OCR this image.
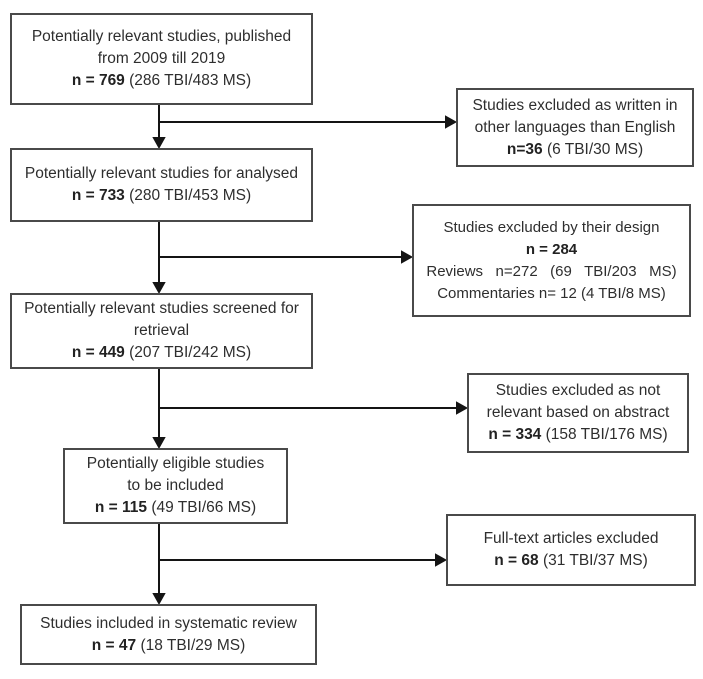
Potentially relevant studies, published
from 2009 till 2019
n = 769 (286 TBI/483 MS)
Studies excluded as written in
other languages than English
n=36 (6 TBI/30 MS)
Potentially relevant studies for analysed
n = 733 (280 TBI/453 MS)
Studies excluded by their design
n = 284
Reviews   n=272   (69   TBI/203   MS)
Commentaries n= 12 (4 TBI/8 MS)
Potentially relevant studies screened for
retrieval
n = 449 (207 TBI/242 MS)
Studies excluded as not
relevant based on abstract
n = 334 (158 TBI/176 MS)
Potentially eligible studies
to be included
n = 115 (49 TBI/66 MS)
Full-text articles excluded
n = 68 (31 TBI/37 MS)
Studies included in systematic review
n = 47 (18 TBI/29 MS)
